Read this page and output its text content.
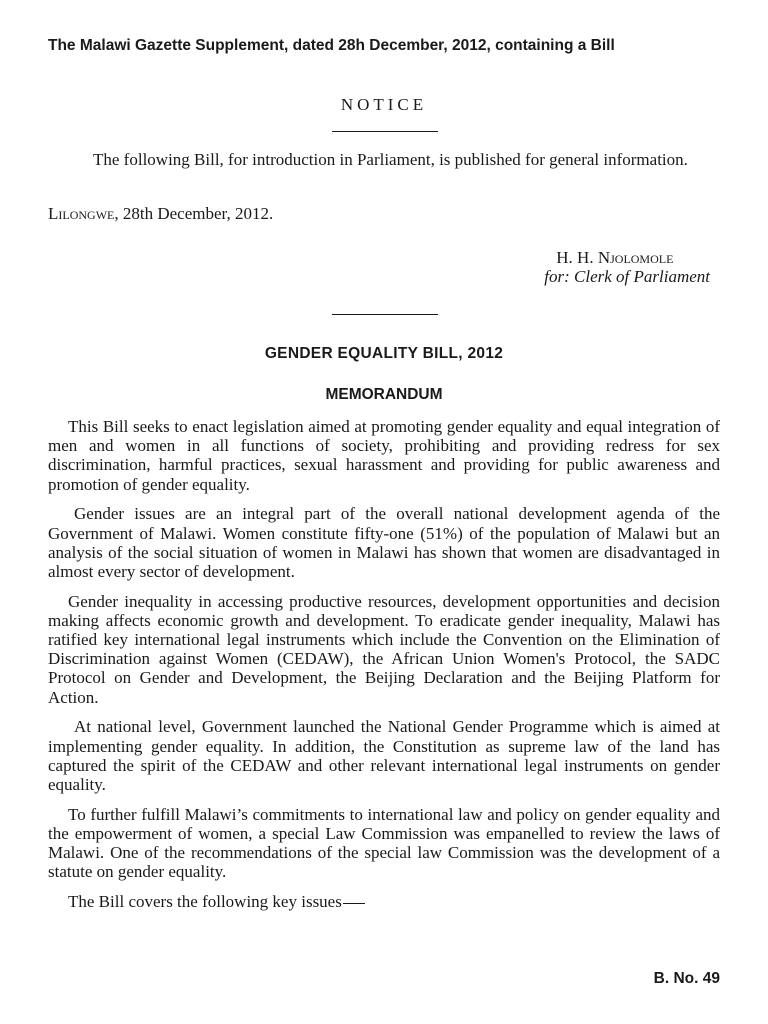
The Malawi Gazette Supplement, dated 28h December, 2012, containing a Bill
NOTICE
The following Bill, for introduction in Parliament, is published for general information.
Lilongwe, 28th December, 2012.
H. H. Njolomole
for: Clerk of Parliament
GENDER EQUALITY BILL, 2012
MEMORANDUM

This Bill seeks to enact legislation aimed at promoting gender equality and equal integration of men and women in all functions of society, prohibiting and providing redress for sex discrimination, harmful practices, sexual harassment and providing for public awareness and promotion of gender equality.

Gender issues are an integral part of the overall national development agenda of the Government of Malawi. Women constitute fifty-one (51%) of the population of Malawi but an analysis of the social situation of women in Malawi has shown that women are disadvantaged in almost every sector of development.

Gender inequality in accessing productive resources, development opportunities and decision making affects economic growth and development. To eradicate gender inequality, Malawi has ratified key international legal instruments which include the Convention on the Elimination of Discrimination against Women (CEDAW), the African Union Women's Protocol, the SADC Protocol on Gender and Development, the Beijing Declaration and the Beijing Platform for Action.

At national level, Government launched the National Gender Programme which is aimed at implementing gender equality. In addition, the Constitution as supreme law of the land has captured the spirit of the CEDAW and other relevant international legal instruments on gender equality.

To further fulfill Malawi’s commitments to international law and policy on gender equality and the empowerment of women, a special Law Commission was empanelled to review the laws of Malawi. One of the recommendations of the special law Commission was the development of a statute on gender equality.

The Bill covers the following key issues

B. No. 49
